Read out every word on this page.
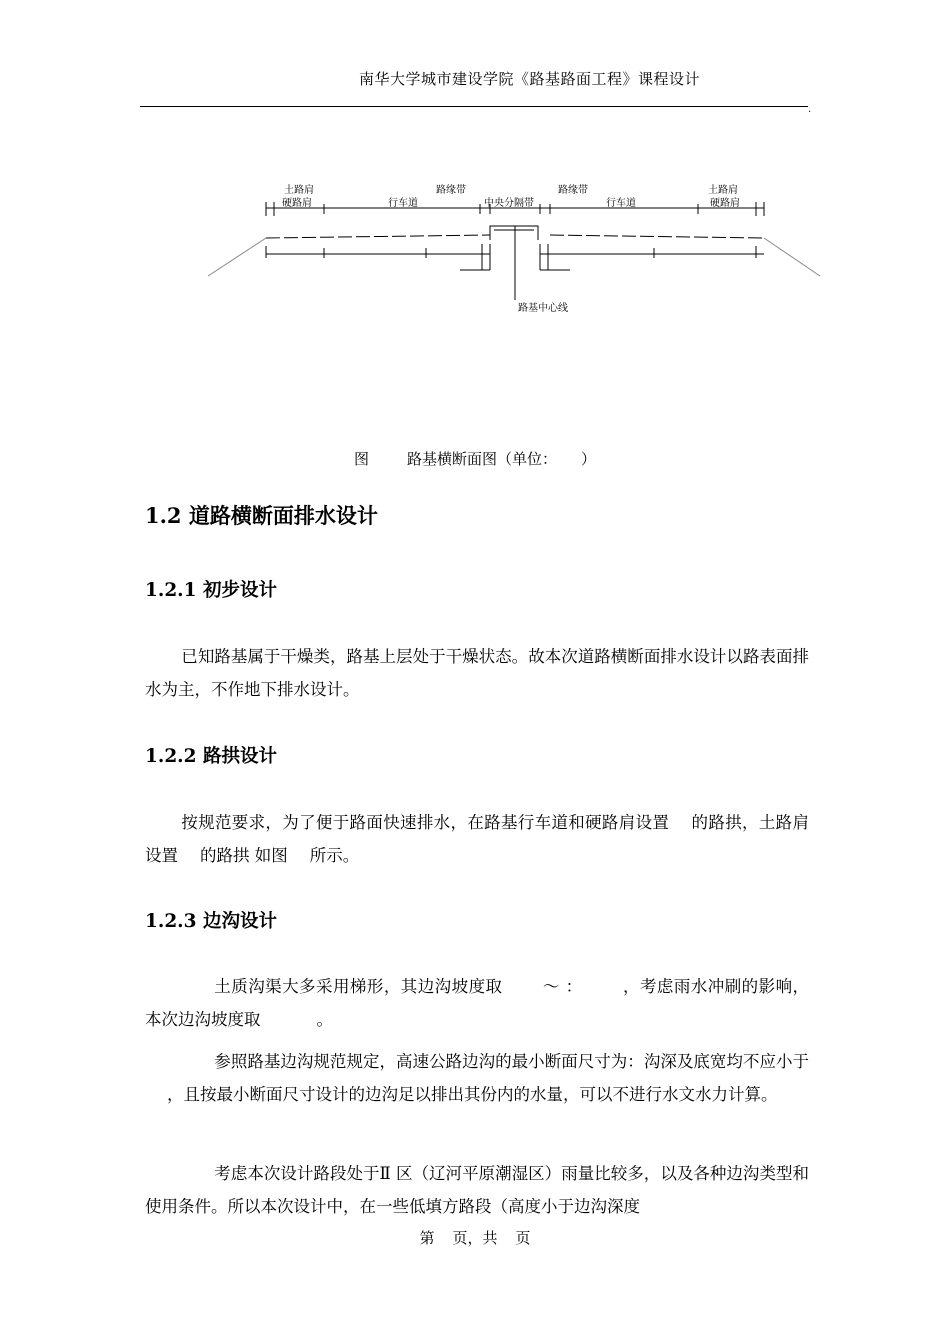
南华大学城市建设学院《路基路面工程》课程设计
.
土路肩
硬路肩	行车道
路缘带
中央分隔带
路缘带
行车道
土路肩
硬路肩
路基中心线
图	路基横断面图（单位： ）
1.2 道路横断面排水设计
1.2.1 初步设计
已知路基属于干燥类，路基上层处于干燥状态。故本次道路横断面排水设计以路表面排水为主，不作地下排水设计。
1.2.2 路拱设计
按规范要求，为了便于路面快速排水，在路基行车道和硬路肩设置 的路拱，土路肩设置 的路拱 如图 所示。
1.2.3 边沟设计
土质沟渠大多采用梯形，其边沟坡度取 ～ ： ，考虑雨水冲刷的影响，本次边沟坡度取	。
参照路基边沟规范规定，高速公路边沟的最小断面尺寸为：沟深及底宽均不应小于，且按最小断面尺寸设计的边沟足以排出其份内的水量，可以不进行水文水力计算。
考虑本次设计路段处于Ⅱ 区（辽河平原潮湿区）雨量比较多，以及各种边沟类型和使用条件。所以本次设计中，在一些低填方路段（高度小于边沟深度
第 页，共 页
